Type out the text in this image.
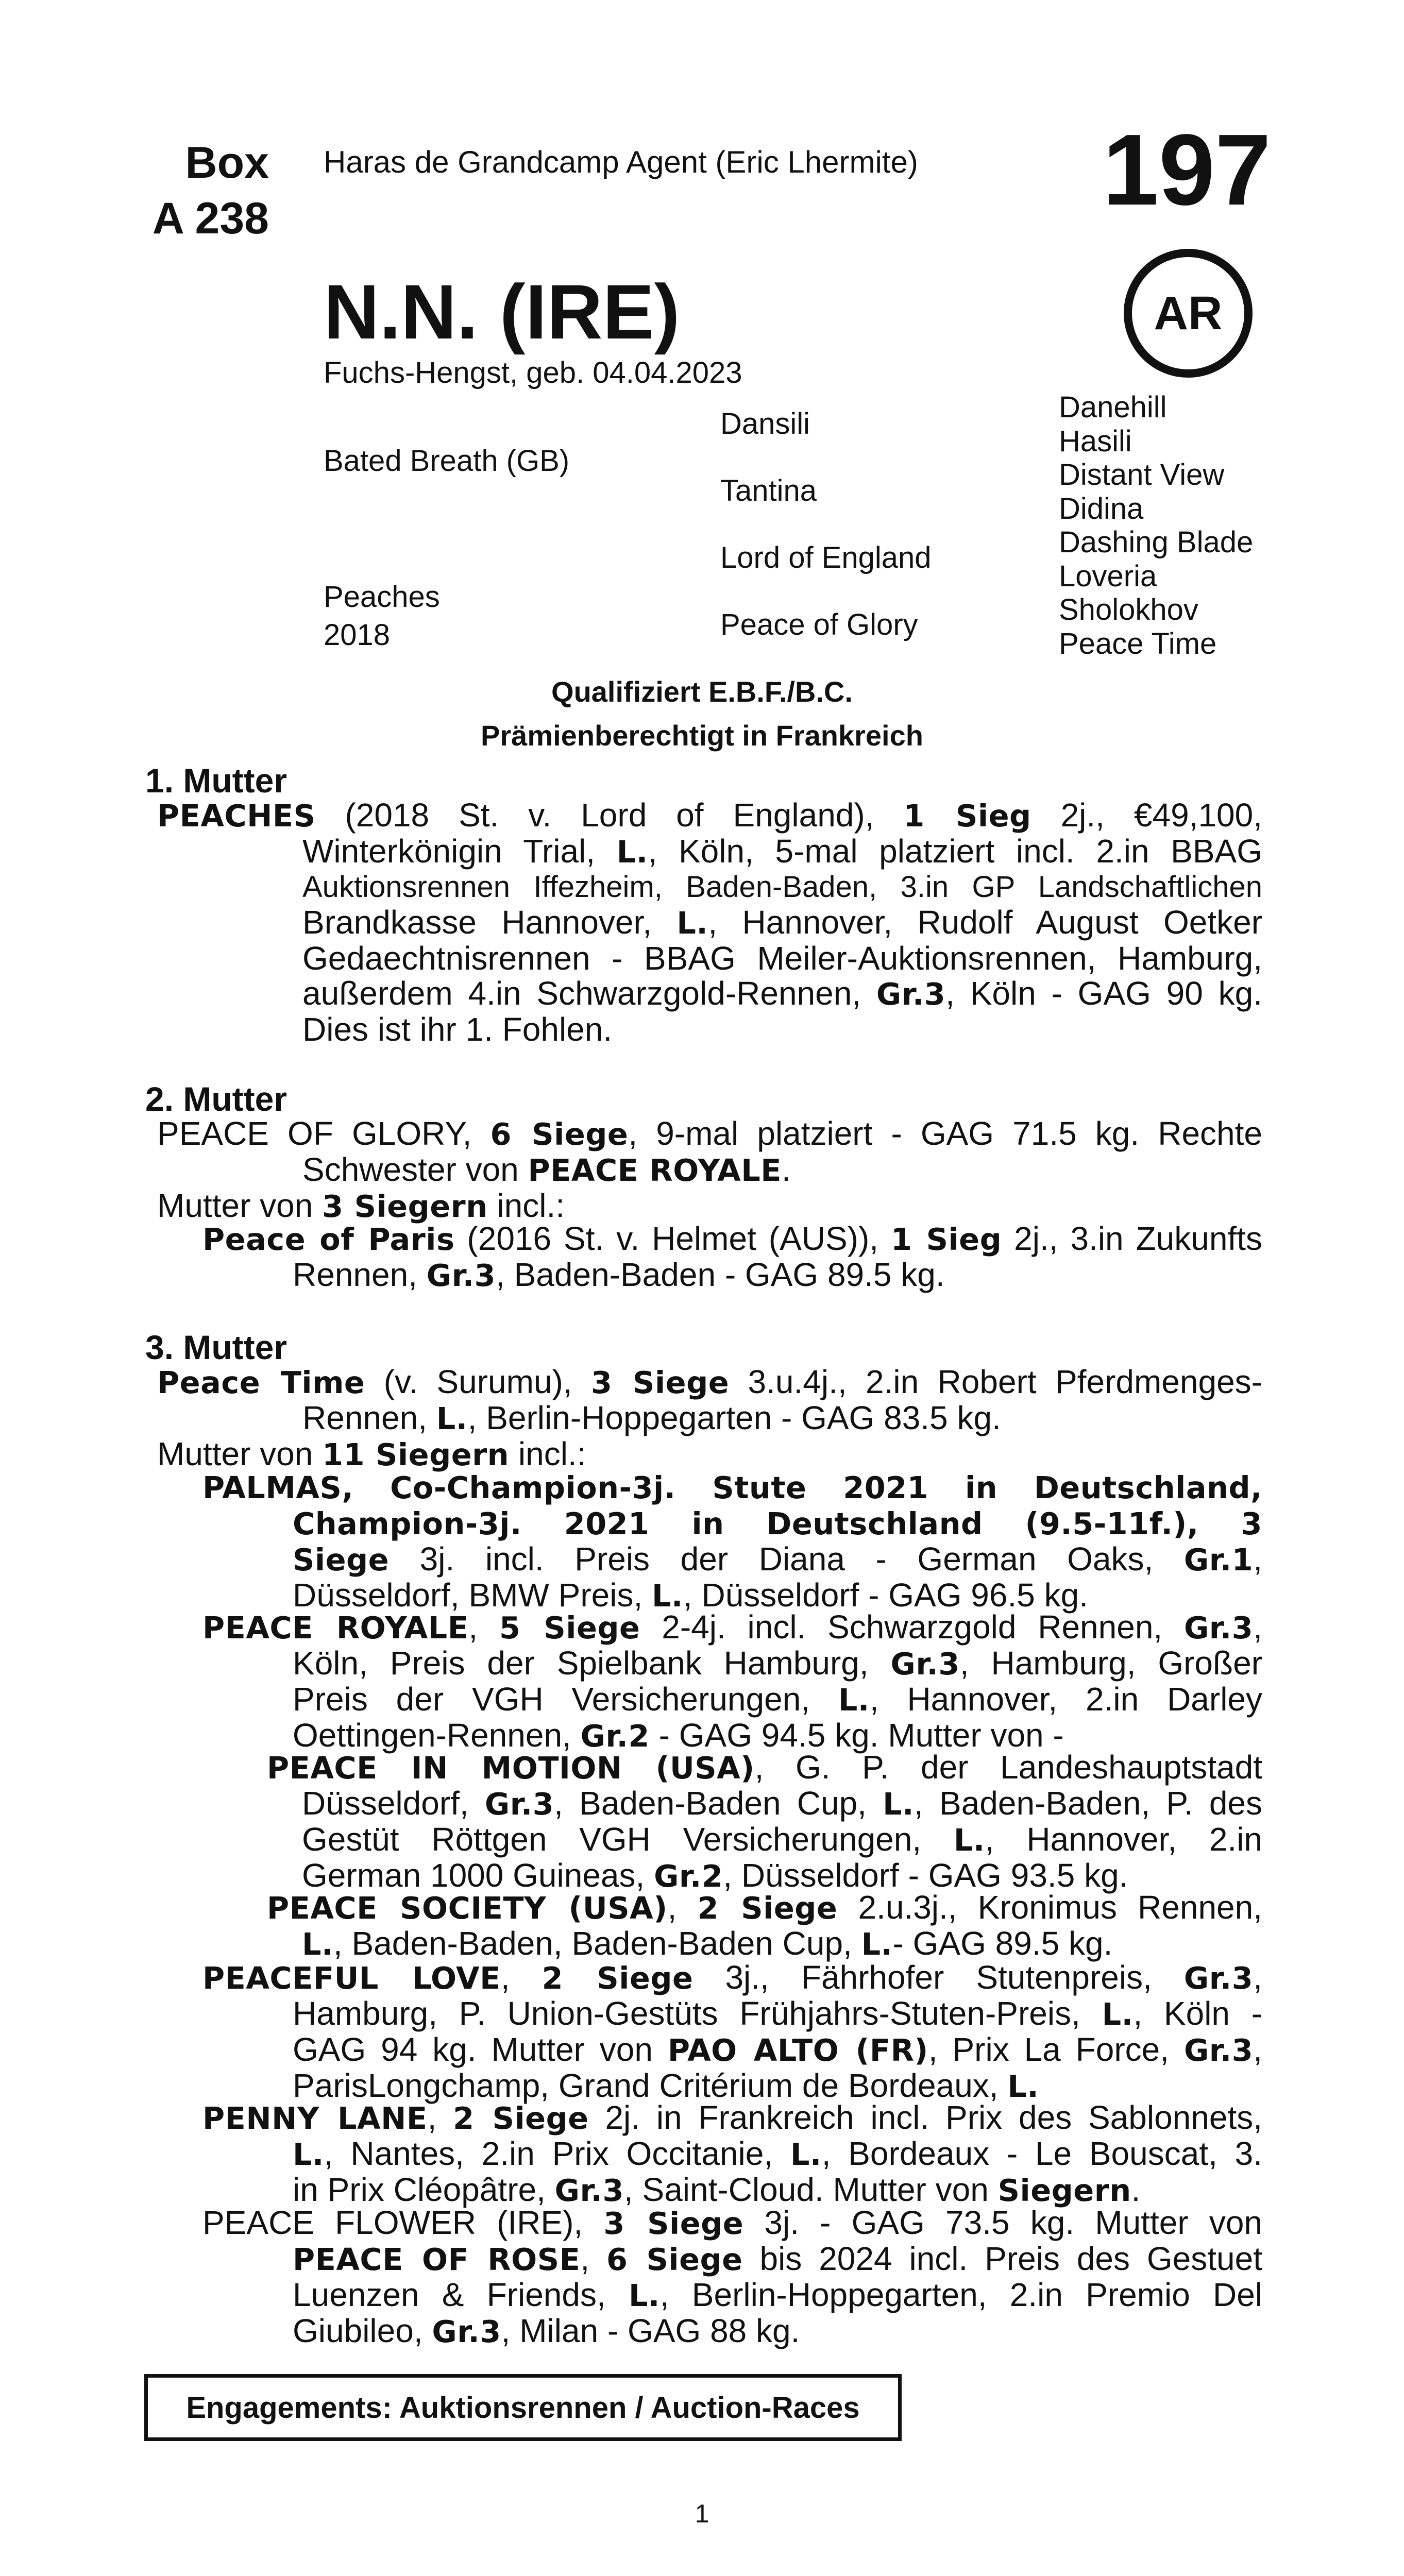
Box
A 238
Haras de Grandcamp Agent (Eric Lhermite) 197
N.N. (IRE)	AR
Fuchs-Hengst, geb. 04.04.2023
Bated Breath (GB)
Peaches
2018
Dansili
Tantina
Lord of England
Peace of Glory
Danehill
Hasili
Distant View
Didina
Dashing Blade
Loveria
Sholokhov
Peace Time
Qualifiziert E.B.F./B.C.
Prämienberechtigt in Frankreich
1. Mutter
PEACHES (2018 St. v. Lord of England), 1 Sieg 2j., €49,100,
Winterkönigin Trial, L., Köln, 5-mal platziert incl. 2.in BBAG
Auktionsrennen Iffezheim, Baden-Baden, 3.in GP Landschaftlichen
Brandkasse Hannover, L., Hannover, Rudolf August Oetker
Gedaechtnisrennen - BBAG Meiler-Auktionsrennen, Hamburg,
außerdem 4.in Schwarzgold-Rennen, Gr.3, Köln - GAG 90 kg.
Dies ist ihr 1. Fohlen.
2. Mutter
PEACE OF GLORY, 6 Siege, 9-mal platziert - GAG 71.5 kg. Rechte
Schwester von PEACE ROYALE.
Mutter von 3 Siegern incl.:
Peace of Paris (2016 St. v. Helmet (AUS)), 1 Sieg 2j., 3.in Zukunfts
Rennen, Gr.3, Baden-Baden - GAG 89.5 kg.
3. Mutter
Peace Time (v. Surumu), 3 Siege 3.u.4j., 2.in Robert Pferdmenges-
Rennen, L., Berlin-Hoppegarten - GAG 83.5 kg.
Mutter von 11 Siegern incl.:
PALMAS, Co-Champion-3j. Stute 2021 in Deutschland,
Champion-3j. 2021 in Deutschland (9.5-11f.), 3
Siege 3j. incl. Preis der Diana - German Oaks, Gr.1,
Düsseldorf, BMW Preis, L., Düsseldorf - GAG 96.5 kg.
PEACE ROYALE, 5 Siege 2-4j. incl. Schwarzgold Rennen, Gr.3,
Köln, Preis der Spielbank Hamburg, Gr.3, Hamburg, Großer
Preis der VGH Versicherungen, L., Hannover, 2.in Darley
Oettingen-Rennen, Gr.2 - GAG 94.5 kg. Mutter von -
PEACE IN MOTION (USA), G. P. der Landeshauptstadt
Düsseldorf, Gr.3, Baden-Baden Cup, L., Baden-Baden, P. des
Gestüt Röttgen VGH Versicherungen, L., Hannover, 2.in
German 1000 Guineas, Gr.2, Düsseldorf - GAG 93.5 kg.
PEACE SOCIETY (USA), 2 Siege 2.u.3j., Kronimus Rennen,
L., Baden-Baden, Baden-Baden Cup, L.- GAG 89.5 kg.
PEACEFUL LOVE, 2 Siege 3j., Fährhofer Stutenpreis, Gr.3,
Hamburg, P. Union-Gestüts Frühjahrs-Stuten-Preis, L., Köln -
GAG 94 kg. Mutter von PAO ALTO (FR), Prix La Force, Gr.3,
ParisLongchamp, Grand Critérium de Bordeaux, L.
PENNY LANE, 2 Siege 2j. in Frankreich incl. Prix des Sablonnets,
L., Nantes, 2.in Prix Occitanie, L., Bordeaux - Le Bouscat, 3.
in Prix Cléopâtre, Gr.3, Saint-Cloud. Mutter von Siegern.
PEACE FLOWER (IRE), 3 Siege 3j. - GAG 73.5 kg. Mutter von
PEACE OF ROSE, 6 Siege bis 2024 incl. Preis des Gestuet
Luenzen & Friends, L., Berlin-Hoppegarten, 2.in Premio Del
Giubileo, Gr.3, Milan - GAG 88 kg.
Engagements: Auktionsrennen / Auction-Races
1
